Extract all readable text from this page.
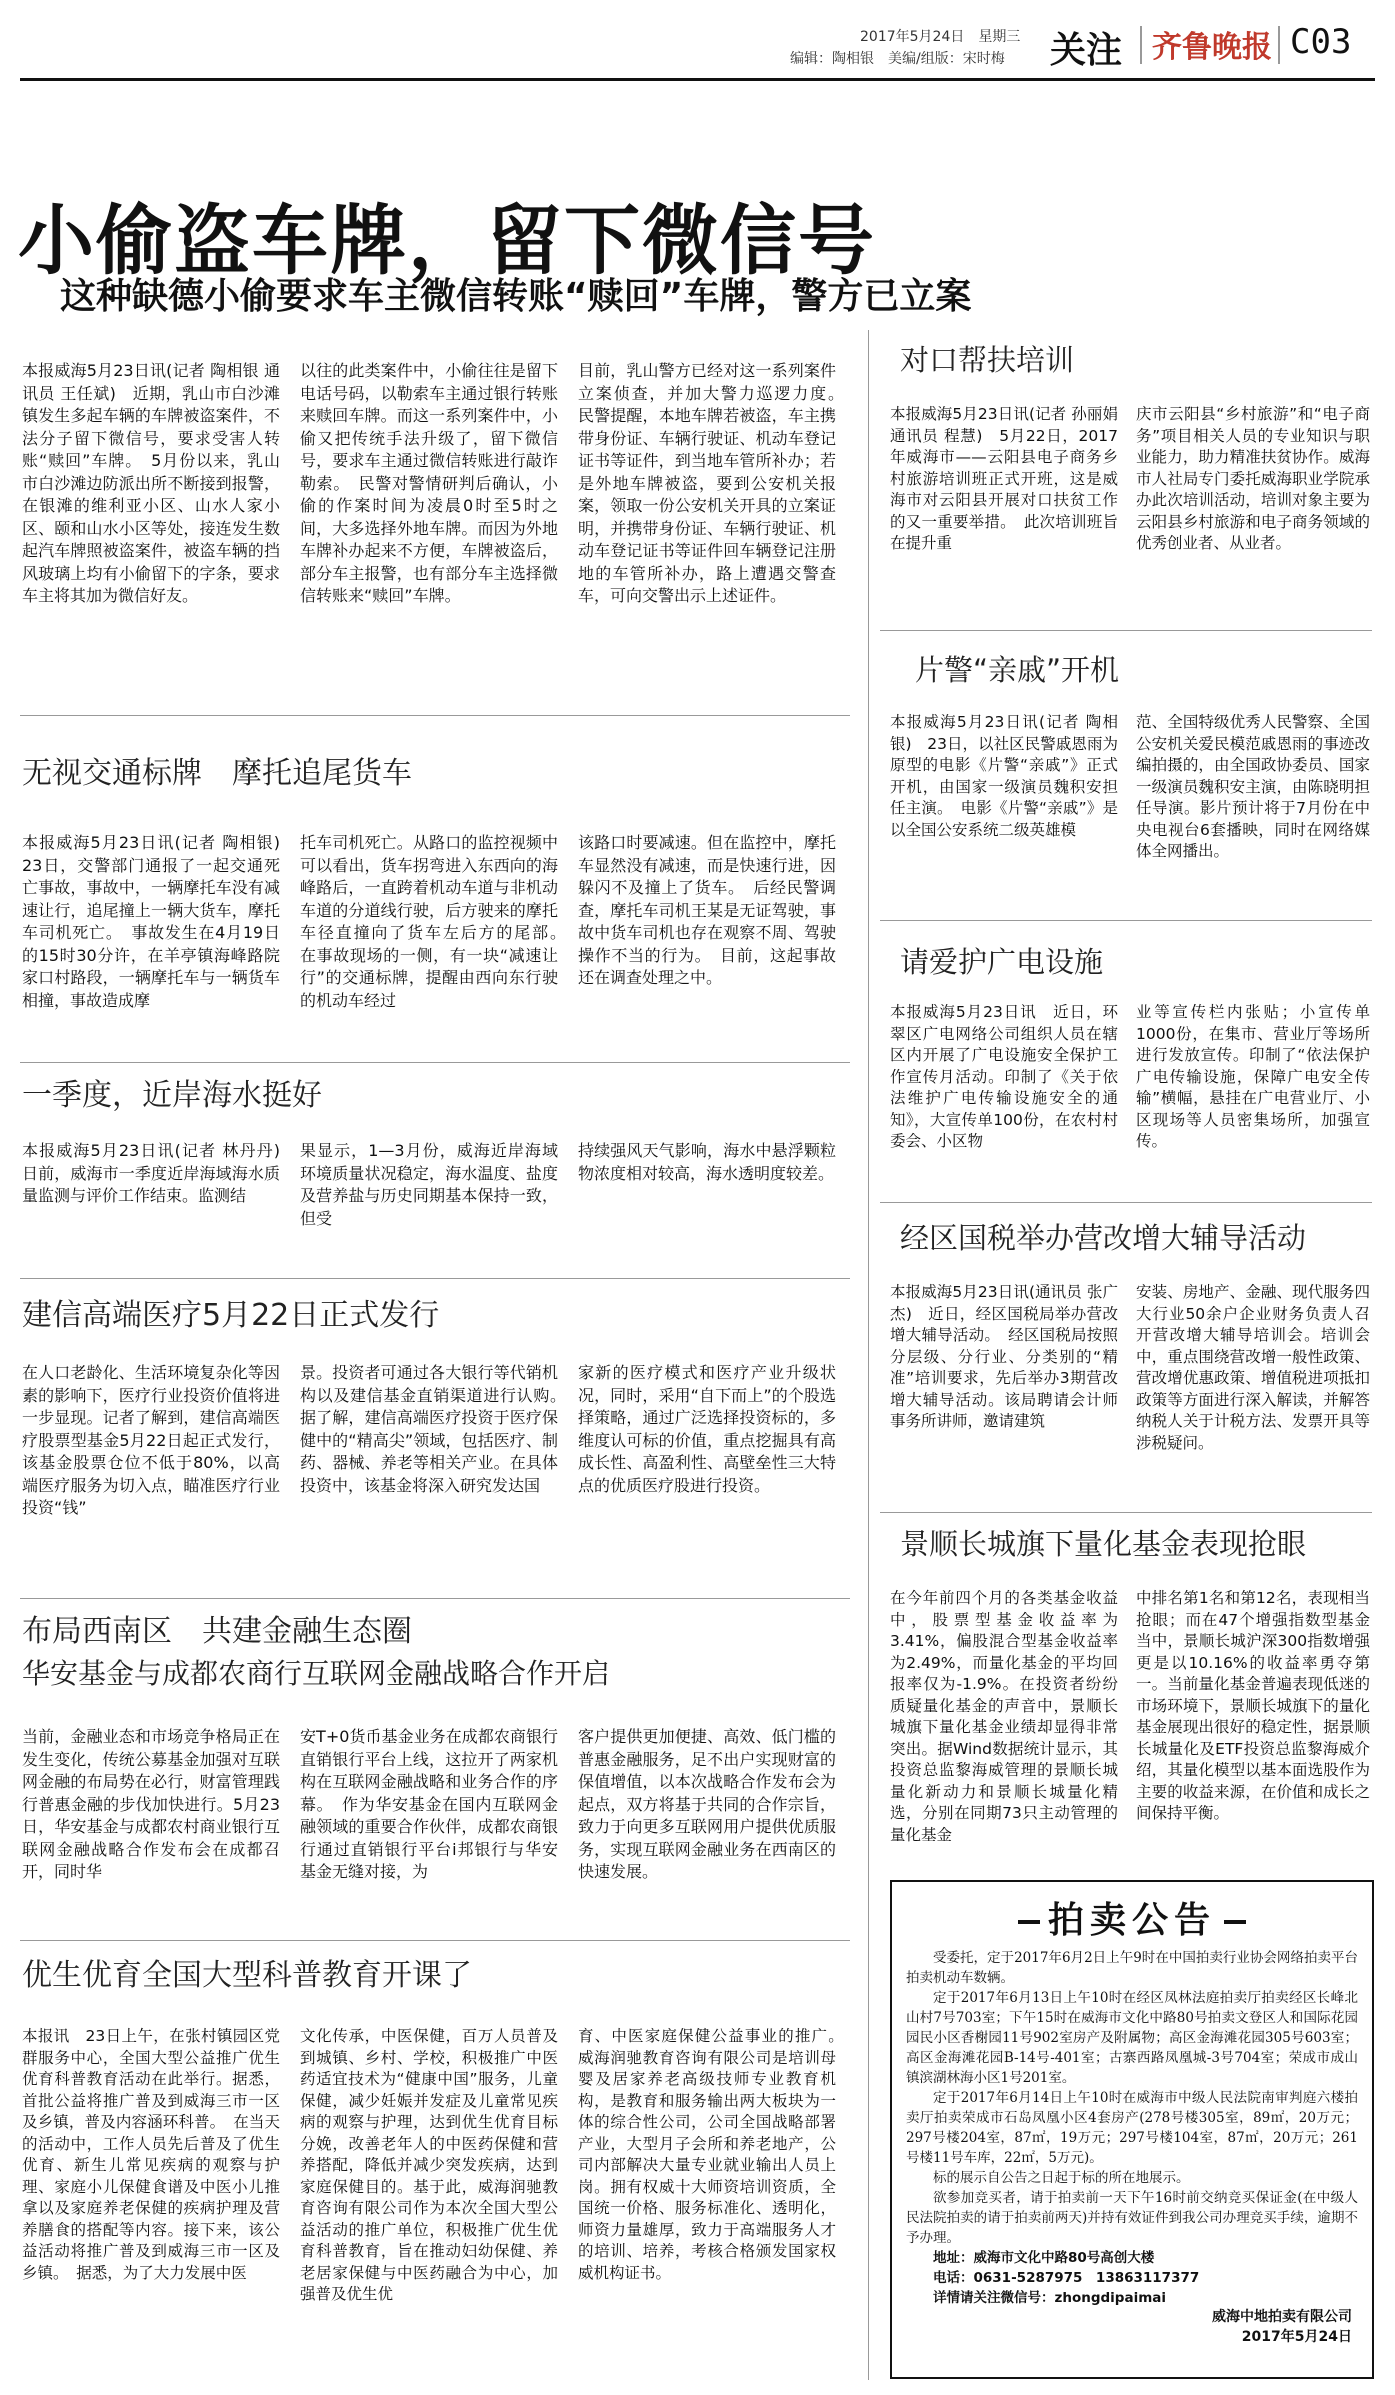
2017年5月24日　星期三
编辑：陶相银　美编/组版：宋时梅 关注 齐鲁晚报 C03
小偷盗车牌，留下微信号
这种缺德小偷要求车主微信转账“赎回”车牌，警方已立案
本报威海5月23日讯(记者 陶相银 通讯员 王任斌)　近期，乳山市白沙滩镇发生多起车辆的车牌被盗案件，不法分子留下微信号，要求受害人转账“赎回”车牌。　5月份以来，乳山市白沙滩边防派出所不断接到报警，在银滩的维利亚小区、山水人家小区、颐和山水小区等处，接连发生数起汽车牌照被盗案件，被盗车辆的挡风玻璃上均有小偷留下的字条，要求车主将其加为微信好友。
以往的此类案件中，小偷往往是留下电话号码，以勒索车主通过银行转账来赎回车牌。而这一系列案件中，小偷又把传统手法升级了，留下微信号，要求车主通过微信转账进行敲诈勒索。　民警对警情研判后确认，小偷的作案时间为凌晨0时至5时之间，大多选择外地车牌。而因为外地车牌补办起来不方便，车牌被盗后，部分车主报警，也有部分车主选择微信转账来“赎回”车牌。
目前，乳山警方已经对这一系列案件立案侦查，并加大警力巡逻力度。　民警提醒，本地车牌若被盗，车主携带身份证、车辆行驶证、机动车登记证书等证件，到当地车管所补办；若是外地车牌被盗，要到公安机关报案，领取一份公安机关开具的立案证明，并携带身份证、车辆行驶证、机动车登记证书等证件回车辆登记注册地的车管所补办，路上遭遇交警查车，可向交警出示上述证件。
无视交通标牌　摩托追尾货车
本报威海5月23日讯(记者 陶相银)　23日，交警部门通报了一起交通死亡事故，事故中，一辆摩托车没有减速让行，追尾撞上一辆大货车，摩托车司机死亡。　事故发生在4月19日的15时30分许，在羊亭镇海峰路院家口村路段，一辆摩托车与一辆货车相撞，事故造成摩
托车司机死亡。从路口的监控视频中可以看出，货车拐弯进入东西向的海峰路后，一直跨着机动车道与非机动车道的分道线行驶，后方驶来的摩托车径直撞向了货车左后方的尾部。　在事故现场的一侧，有一块“减速让行”的交通标牌，提醒由西向东行驶的机动车经过
该路口时要减速。但在监控中，摩托车显然没有减速，而是快速行进，因躲闪不及撞上了货车。　后经民警调查，摩托车司机王某是无证驾驶，事故中货车司机也存在观察不周、驾驶操作不当的行为。　目前，这起事故还在调查处理之中。
一季度，近岸海水挺好
本报威海5月23日讯(记者 林丹丹)　日前，威海市一季度近岸海域海水质量监测与评价工作结束。监测结
果显示，1—3月份，威海近岸海域环境质量状况稳定，海水温度、盐度及营养盐与历史同期基本保持一致，但受
持续强风天气影响，海水中悬浮颗粒物浓度相对较高，海水透明度较差。
建信高端医疗5月22日正式发行
在人口老龄化、生活环境复杂化等因素的影响下，医疗行业投资价值将进一步显现。记者了解到，建信高端医疗股票型基金5月22日起正式发行，该基金股票仓位不低于80%，以高端医疗服务为切入点，瞄准医疗行业投资“钱”
景。投资者可通过各大银行等代销机构以及建信基金直销渠道进行认购。　据了解，建信高端医疗投资于医疗保健中的“精高尖”领域，包括医疗、制药、器械、养老等相关产业。在具体投资中，该基金将深入研究发达国
家新的医疗模式和医疗产业升级状况，同时，采用“自下而上”的个股选择策略，通过广泛选择投资标的，多维度认可标的价值，重点挖掘具有高成长性、高盈利性、高壁垒性三大特点的优质医疗股进行投资。
布局西南区　共建金融生态圈
华安基金与成都农商行互联网金融战略合作开启
当前，金融业态和市场竞争格局正在发生变化，传统公募基金加强对互联网金融的布局势在必行，财富管理践行普惠金融的步伐加快进行。5月23日，华安基金与成都农村商业银行互联网金融战略合作发布会在成都召开，同时华
安T+0货币基金业务在成都农商银行直销银行平台上线，这拉开了两家机构在互联网金融战略和业务合作的序幕。　作为华安基金在国内互联网金融领域的重要合作伙伴，成都农商银行通过直销银行平台i邦银行与华安基金无缝对接，为
客户提供更加便捷、高效、低门槛的普惠金融服务，足不出户实现财富的保值增值，以本次战略合作发布会为起点，双方将基于共同的合作宗旨，致力于向更多互联网用户提供优质服务，实现互联网金融业务在西南区的快速发展。
优生优育全国大型科普教育开课了
本报讯　23日上午，在张村镇园区党群服务中心，全国大型公益推广优生优育科普教育活动在此举行。据悉，首批公益将推广普及到威海三市一区及乡镇，普及内容涵环科普。　在当天的活动中，工作人员先后普及了优生优育、新生儿常见疾病的观察与护理、家庭小儿保健食谱及中医小儿推拿以及家庭养老保健的疾病护理及营养膳食的搭配等内容。接下来，该公益活动将推广普及到威海三市一区及乡镇。　据悉，为了大力发展中医
文化传承，中医保健，百万人员普及到城镇、乡村、学校，积极推广中医药适宜技术为“健康中国”服务，儿童保健，减少妊娠并发症及儿童常见疾病的观察与护理，达到优生优育目标分娩，改善老年人的中医药保健和营养搭配，降低并减少突发疾病，达到家庭保健目的。基于此，威海润驰教育咨询有限公司作为本次全国大型公益活动的推广单位，积极推广优生优育科普教育，旨在推动妇幼保健、养老居家保健与中医药融合为中心，加强普及优生优
育、中医家庭保健公益事业的推广。　威海润驰教育咨询有限公司是培训母婴及居家养老高级技师专业教育机构，是教育和服务输出两大板块为一体的综合性公司，公司全国战略部署产业，大型月子会所和养老地产，公司内部解决大量专业就业输出人员上岗。拥有权威十大师资培训资质，全国统一价格、服务标准化、透明化，师资力量雄厚，致力于高端服务人才的培训、培养，考核合格颁发国家权威机构证书。
对口帮扶培训
本报威海5月23日讯(记者 孙丽娟 通讯员 程慧)　5月22日，2017年威海市——云阳县电子商务乡村旅游培训班正式开班，这是威海市对云阳县开展对口扶贫工作的又一重要举措。　此次培训班旨在提升重
庆市云阳县“乡村旅游”和“电子商务”项目相关人员的专业知识与职业能力，助力精准扶贫协作。威海市人社局专门委托威海职业学院承办此次培训活动，培训对象主要为云阳县乡村旅游和电子商务领域的优秀创业者、从业者。
片警“亲戚”开机
本报威海5月23日讯(记者 陶相银)　23日，以社区民警戚恩雨为原型的电影《片警“亲戚”》正式开机，由国家一级演员魏积安担任主演。　电影《片警“亲戚”》是以全国公安系统二级英雄模
范、全国特级优秀人民警察、全国公安机关爱民模范戚恩雨的事迹改编拍摄的，由全国政协委员、国家一级演员魏积安主演，由陈晓明担任导演。影片预计将于7月份在中央电视台6套播映，同时在网络媒体全网播出。
请爱护广电设施
本报威海5月23日讯　近日，环翠区广电网络公司组织人员在辖区内开展了广电设施安全保护工作宣传月活动。印制了《关于依法维护广电传输设施安全的通知》，大宣传单100份，在农村村委会、小区物
业等宣传栏内张贴；小宣传单1000份，在集市、营业厅等场所进行发放宣传。印制了“依法保护广电传输设施，保障广电安全传输”横幅，悬挂在广电营业厅、小区现场等人员密集场所，加强宣传。
经区国税举办营改增大辅导活动
本报威海5月23日讯(通讯员 张广杰)　近日，经区国税局举办营改增大辅导活动。　经区国税局按照分层级、分行业、分类别的“精准”培训要求，先后举办3期营改增大辅导活动。该局聘请会计师事务所讲师，邀请建筑
安装、房地产、金融、现代服务四大行业50余户企业财务负责人召开营改增大辅导培训会。培训会中，重点围绕营改增一般性政策、营改增优惠政策、增值税进项抵扣政策等方面进行深入解读，并解答纳税人关于计税方法、发票开具等涉税疑问。
景顺长城旗下量化基金表现抢眼
在今年前四个月的各类基金收益中，股票型基金收益率为3.41%，偏股混合型基金收益率为2.49%，而量化基金的平均回报率仅为-1.9%。在投资者纷纷质疑量化基金的声音中，景顺长城旗下量化基金业绩却显得非常突出。据Wind数据统计显示，其投资总监黎海威管理的景顺长城量化新动力和景顺长城量化精选，分别在同期73只主动管理的量化基金
中排名第1名和第12名，表现相当抢眼；而在47个增强指数型基金当中，景顺长城沪深300指数增强更是以10.16%的收益率勇夺第一。当前量化基金普遍表现低迷的市场环境下，景顺长城旗下的量化基金展现出很好的稳定性，据景顺长城量化及ETF投资总监黎海威介绍，其量化模型以基本面选股作为主要的收益来源，在价值和成长之间保持平衡。
拍卖公告

受委托，定于2017年6月2日上午9时在中国拍卖行业协会网络拍卖平台拍卖机动车数辆。

定于2017年6月13日上午10时在经区凤林法庭拍卖厅拍卖经区长峰北山村7号703室；下午15时在威海市文化中路80号拍卖文登区人和国际花园园民小区香榭园11号902室房产及附属物；高区金海滩花园305号603室；高区金海滩花园B-14号-401室；古寨西路凤凰城-3号704室；荣成市成山镇滨湖林海小区1号201室。

定于2017年6月14日上午10时在威海市中级人民法院南审判庭六楼拍卖厅拍卖荣成市石岛凤凰小区4套房产(278号楼305室，89㎡，20万元；297号楼204室，87㎡，19万元；297号楼104室，87㎡，20万元；261号楼11号车库，22㎡，5万元)。

标的展示自公告之日起于标的所在地展示。

欲参加竞买者，请于拍卖前一天下午16时前交纳竞买保证金(在中级人民法院拍卖的请于拍卖前两天)并持有效证件到我公司办理竞买手续，逾期不予办理。

地址：威海市文化中路80号高创大楼

电话：0631-5287975　13863117377

详情请关注微信号：zhongdipaimai

威海中地拍卖有限公司
2017年5月24日
